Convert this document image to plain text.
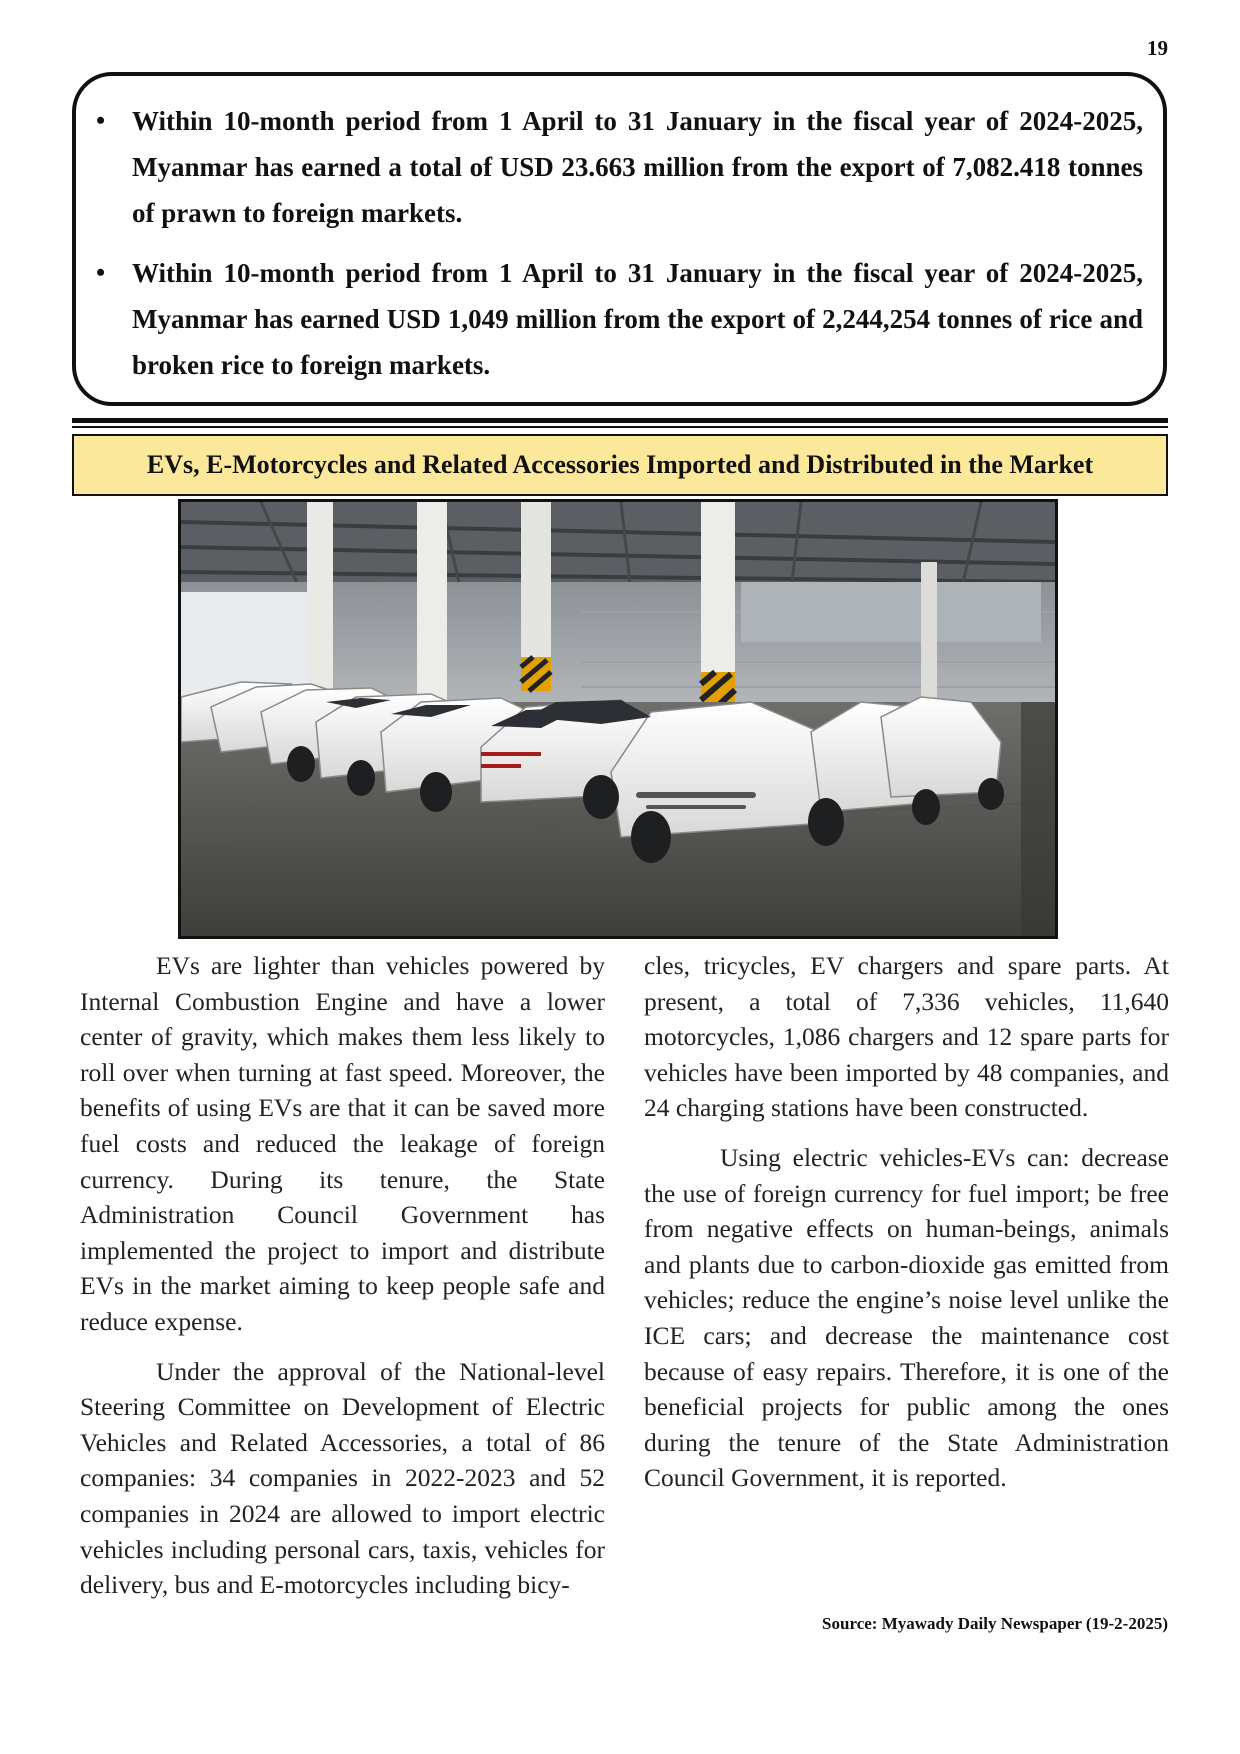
19
• Within 10-month period from 1 April to 31 January in the fiscal year of 2024-2025, Myanmar has earned a total of USD 23.663 million from the export of 7,082.418 tonnes of prawn to foreign markets.
• Within 10-month period from 1 April to 31 January in the fiscal year of 2024-2025, Myanmar has earned USD 1,049 million from the export of 2,244,254 tonnes of rice and broken rice to foreign markets.
EVs, E-Motorcycles and Related Accessories Imported and Distributed in the Market

EVs are lighter than vehicles powered by Internal Combustion Engine and have a lower center of gravity, which makes them less likely to roll over when turning at fast speed. Moreover, the benefits of using EVs are that it can be saved more fuel costs and reduced the leakage of foreign currency. During its tenure, the State Administration Council Government has implemented the project to import and distribute EVs in the market aiming to keep people safe and reduce expense.

Under the approval of the National-level Steering Committee on Development of Electric Vehicles and Related Accessories, a total of 86 companies: 34 companies in 2022-2023 and 52 companies in 2024 are allowed to import electric vehicles including personal cars, taxis, vehicles for delivery, bus and E-motorcycles including bicy-

cles, tricycles, EV chargers and spare parts. At present, a total of 7,336 vehicles, 11,640 motorcycles, 1,086 chargers and 12 spare parts for vehicles have been imported by 48 companies, and 24 charging stations have been constructed.

Using electric vehicles-EVs can: decrease the use of foreign currency for fuel import; be free from negative effects on human-beings, animals and plants due to carbon-dioxide gas emitted from vehicles; reduce the engine’s noise level unlike the ICE cars; and decrease the maintenance cost because of easy repairs. Therefore, it is one of the beneficial projects for public among the ones during the tenure of the State Administration Council Government, it is reported.

Source: Myawady Daily Newspaper (19-2-2025)
